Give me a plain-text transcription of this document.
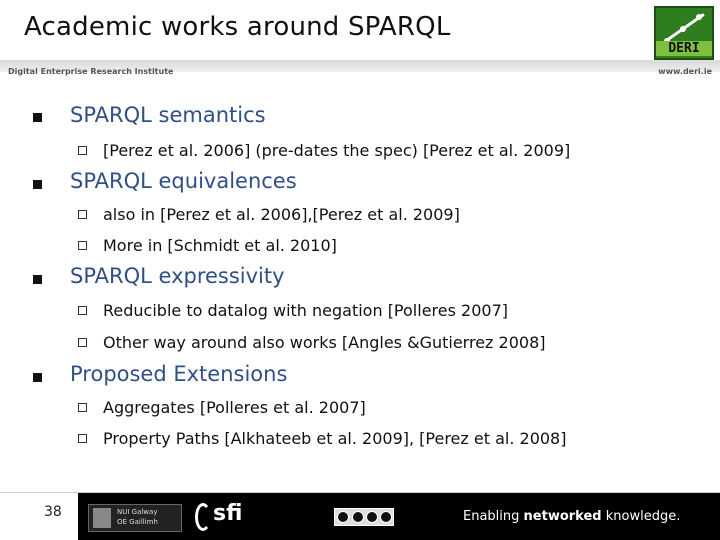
Academic works around SPARQL
DERI
Digital Enterprise Research Institute	www.deri.ie
SPARQL semantics
[Perez et al. 2006] (pre-dates the spec) [Perez et al. 2009]
SPARQL equivalences
also in [Perez et al. 2006],[Perez et al. 2009]
More in [Schmidt et al. 2010]
SPARQL expressivity
Reducible to datalog with negation [Polleres 2007]
Other way around also works [Angles &Gutierrez 2008]
Proposed Extensions
Aggregates [Polleres et al. 2007]
Property Paths [Alkhateeb et al. 2009], [Perez et al. 2008]
38	NUI Galway
OÉ Gaillimh	sfi	Enabling networked knowledge.
